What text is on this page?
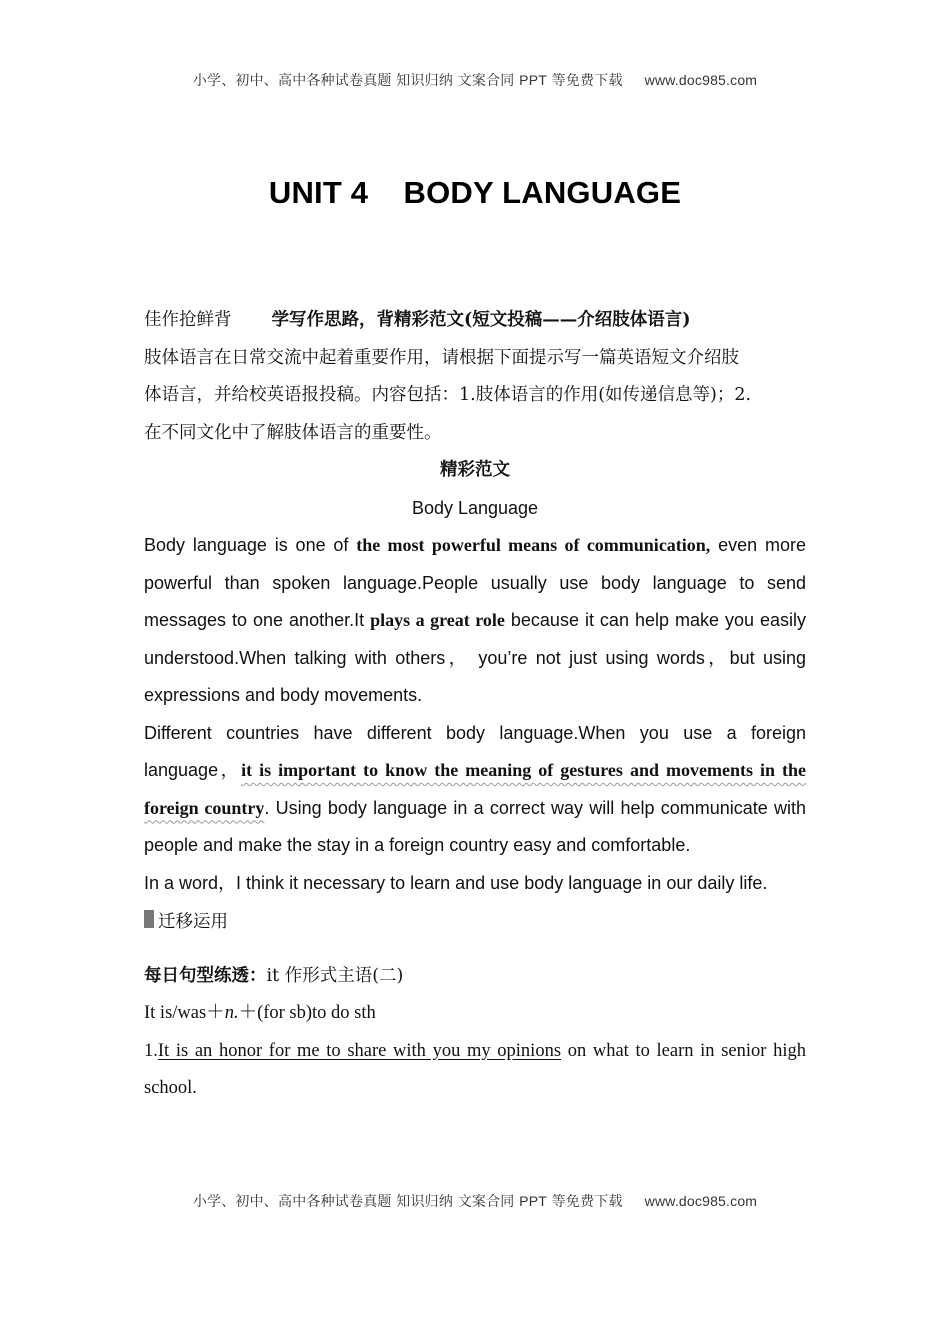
小学、初中、高中各种试卷真题 知识归纳 文案合同 PPT 等免费下载 www.doc985.com
UNIT 4    BODY LANGUAGE
佳作抢鲜背 学写作思路，背精彩范文(短文投稿——介绍肢体语言)
肢体语言在日常交流中起着重要作用，请根据下面提示写一篇英语短文介绍肢
体语言，并给校英语报投稿。内容包括：1.肢体语言的作用(如传递信息等)；2.
在不同文化中了解肢体语言的重要性。
精彩范文
Body Language
Body language is one of the most powerful means of communication, even more powerful than spoken language.People usually use body language to send messages to one another.It plays a great role because it can help make you easily understood.When talking with others， you’re not just using words，but using expressions and body movements.
Different countries have different body language.When you use a foreign language，it is important to know the meaning of gestures and movements in the foreign country. Using body language in a correct way will help communicate with people and make the stay in a foreign country easy and comfortable.
In a word，I think it necessary to learn and use body language in our daily life.
迁移运用
每日句型练透：it 作形式主语(二)
It is/was＋n.＋(for sb)to do sth
1.It is an honor for me to share with you my opinions on what to learn in senior high school.
小学、初中、高中各种试卷真题 知识归纳 文案合同 PPT 等免费下载 www.doc985.com
